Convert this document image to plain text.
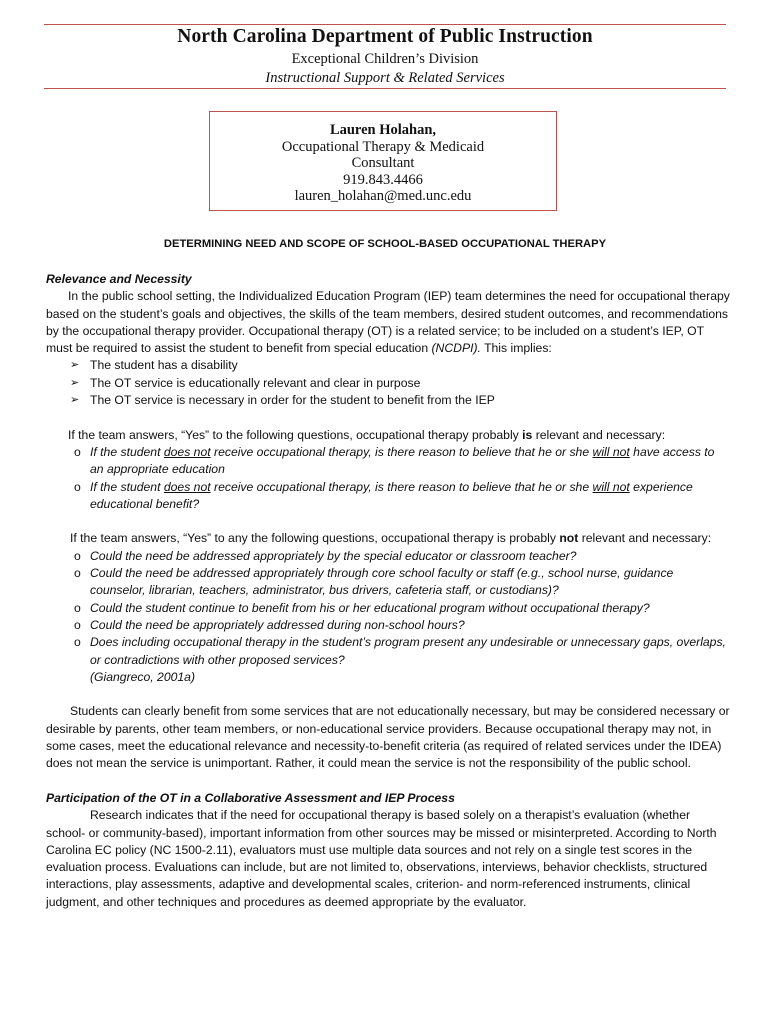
North Carolina Department of Public Instruction
Exceptional Children’s Division
Instructional Support & Related Services
Lauren Holahan,
Occupational Therapy & Medicaid
Consultant
919.843.4466
lauren_holahan@med.unc.edu
DETERMINING NEED AND SCOPE OF SCHOOL-BASED OCCUPATIONAL THERAPY

Relevance and Necessity

In the public school setting, the Individualized Education Program (IEP) team determines the need for occupational therapy based on the student’s goals and objectives, the skills of the team members, desired student outcomes, and recommendations by the occupational therapy provider. Occupational therapy (OT) is a related service; to be included on a student’s IEP, OT must be required to assist the student to benefit from special education (NCDPI). This implies:

➢ The student has a disability
➢ The OT service is educationally relevant and clear in purpose
➢ The OT service is necessary in order for the student to benefit from the IEP

If the team answers, “Yes” to the following questions, occupational therapy probably is relevant and necessary:

o If the student does not receive occupational therapy, is there reason to believe that he or she will not have access to an appropriate education
o If the student does not receive occupational therapy, is there reason to believe that he or she will not experience educational benefit?

If the team answers, “Yes” to any the following questions, occupational therapy is probably not relevant and necessary:

o Could the need be addressed appropriately by the special educator or classroom teacher?
o Could the need be addressed appropriately through core school faculty or staff (e.g., school nurse, guidance counselor, librarian, teachers, administrator, bus drivers, cafeteria staff, or custodians)?
o Could the student continue to benefit from his or her educational program without occupational therapy?
o Could the need be appropriately addressed during non-school hours?
o Does including occupational therapy in the student’s program present any undesirable or unnecessary gaps, overlaps, or contradictions with other proposed services?

(Giangreco, 2001a)

Students can clearly benefit from some services that are not educationally necessary, but may be considered necessary or desirable by parents, other team members, or non-educational service providers. Because occupational therapy may not, in some cases, meet the educational relevance and necessity-to-benefit criteria (as required of related services under the IDEA) does not mean the service is unimportant. Rather, it could mean the service is not the responsibility of the public school.

Participation of the OT in a Collaborative Assessment and IEP Process

Research indicates that if the need for occupational therapy is based solely on a therapist’s evaluation (whether school- or community-based), important information from other sources may be missed or misinterpreted. According to North Carolina EC policy (NC 1500-2.11), evaluators must use multiple data sources and not rely on a single test scores in the evaluation process. Evaluations can include, but are not limited to, observations, interviews, behavior checklists, structured interactions, play assessments, adaptive and developmental scales, criterion- and norm-referenced instruments, clinical judgment, and other techniques and procedures as deemed appropriate by the evaluator.
